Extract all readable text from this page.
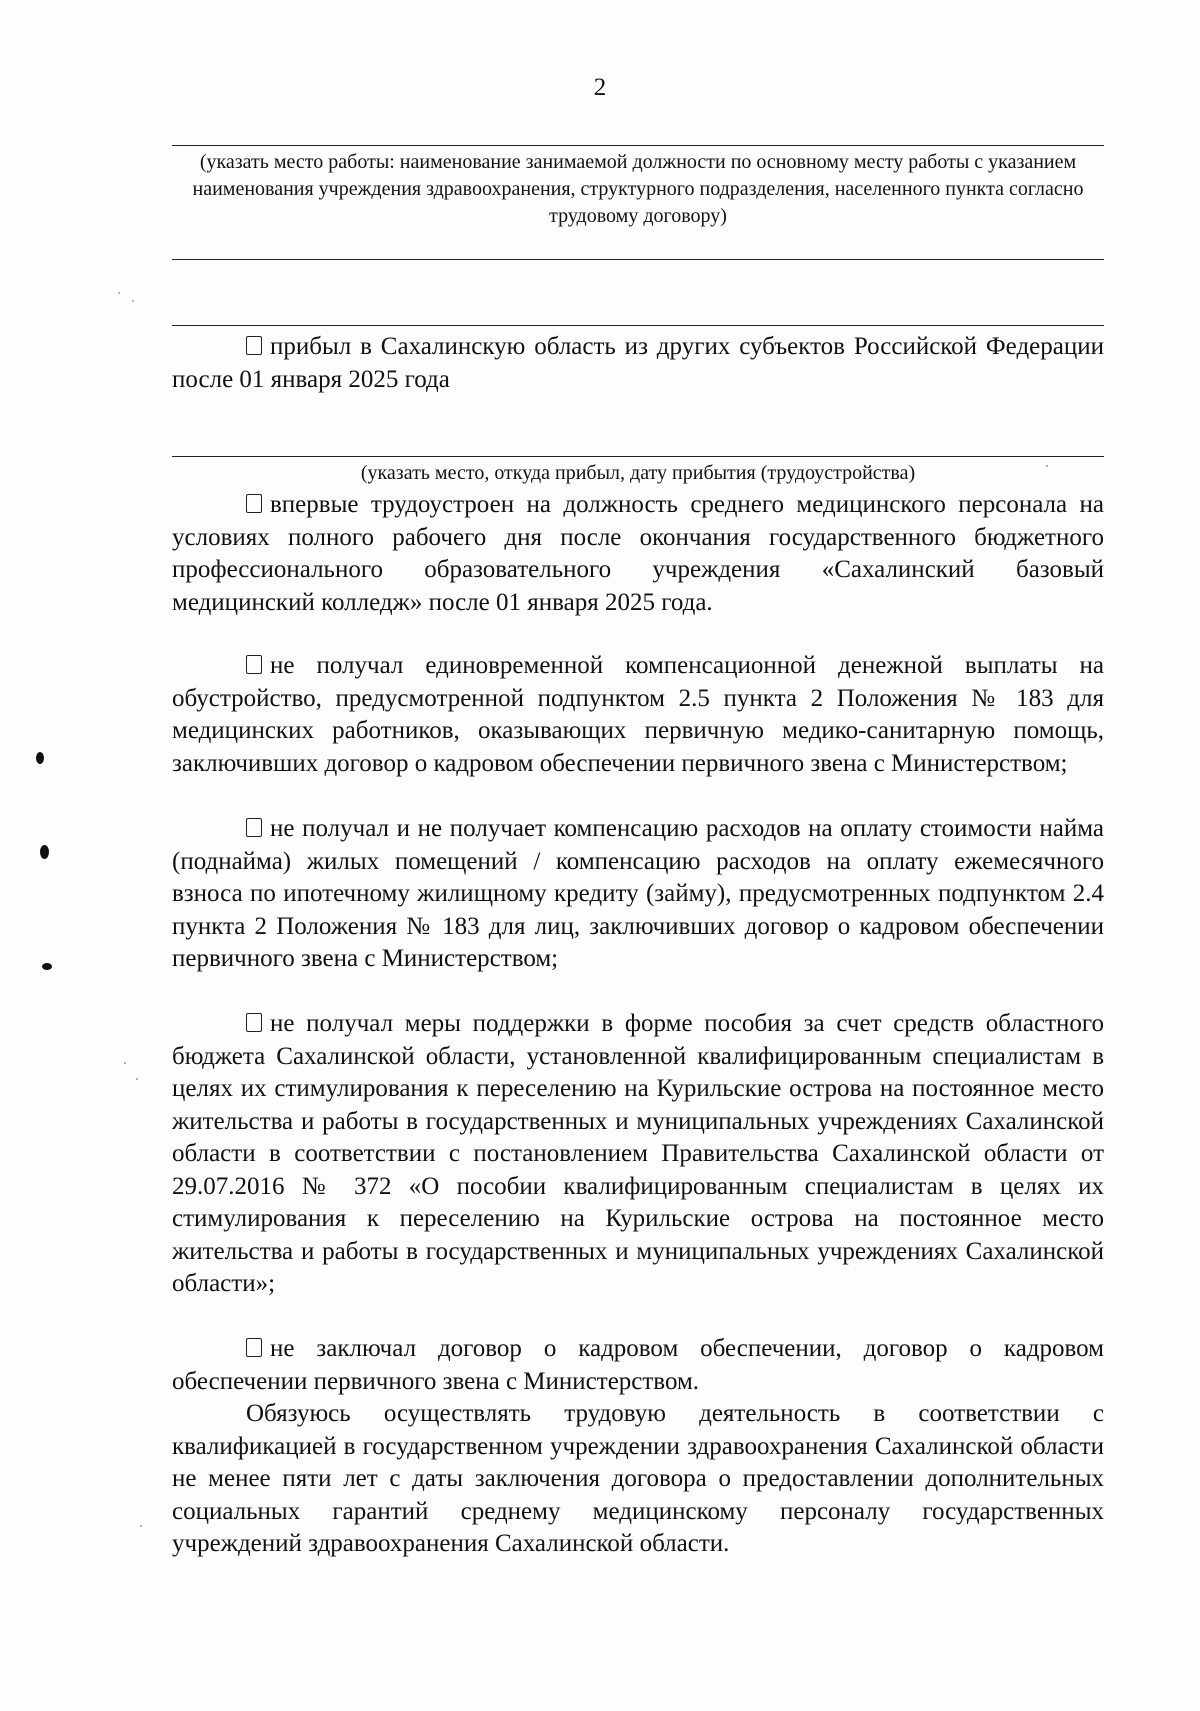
2
(указать место работы: наименование занимаемой должности по основному месту работы с указанием наименования учреждения здравоохранения, структурного подразделения, населенного пункта согласно трудовому договору)

прибыл в Сахалинскую область из других субъектов Российской Федерации после 01 января 2025 года

(указать место, откуда прибыл, дату прибытия (трудоустройства)

впервые трудоустроен на должность среднего медицинского персонала на условиях полного рабочего дня после окончания государственного бюджетного профессионального образовательного учреждения «Сахалинский базовый медицинский колледж» после 01 января 2025 года.

не получал единовременной компенсационной денежной выплаты на обустройство, предусмотренной подпунктом 2.5 пункта 2 Положения № 183 для медицинских работников, оказывающих первичную медико-санитарную помощь, заключивших договор о кадровом обеспечении первичного звена с Министерством;

не получал и не получает компенсацию расходов на оплату стоимости найма (поднайма) жилых помещений / компенсацию расходов на оплату ежемесячного взноса по ипотечному жилищному кредиту (займу), предусмотренных подпунктом 2.4 пункта 2 Положения № 183 для лиц, заключивших договор о кадровом обеспечении первичного звена с Министерством;

не получал меры поддержки в форме пособия за счет средств областного бюджета Сахалинской области, установленной квалифицированным специалистам в целях их стимулирования к переселению на Курильские острова на постоянное место жительства и работы в государственных и муниципальных учреждениях Сахалинской области в соответствии с постановлением Правительства Сахалинской области от 29.07.2016 № 372 «О пособии квалифицированным специалистам в целях их стимулирования к переселению на Курильские острова на постоянное место жительства и работы в государственных и муниципальных учреждениях Сахалинской области»;

не заключал договор о кадровом обеспечении, договор о кадровом обеспечении первичного звена с Министерством.

Обязуюсь осуществлять трудовую деятельность в соответствии с квалификацией в государственном учреждении здравоохранения Сахалинской области не менее пяти лет с даты заключения договора о предоставлении дополнительных социальных гарантий среднему медицинскому персоналу государственных учреждений здравоохранения Сахалинской области.
